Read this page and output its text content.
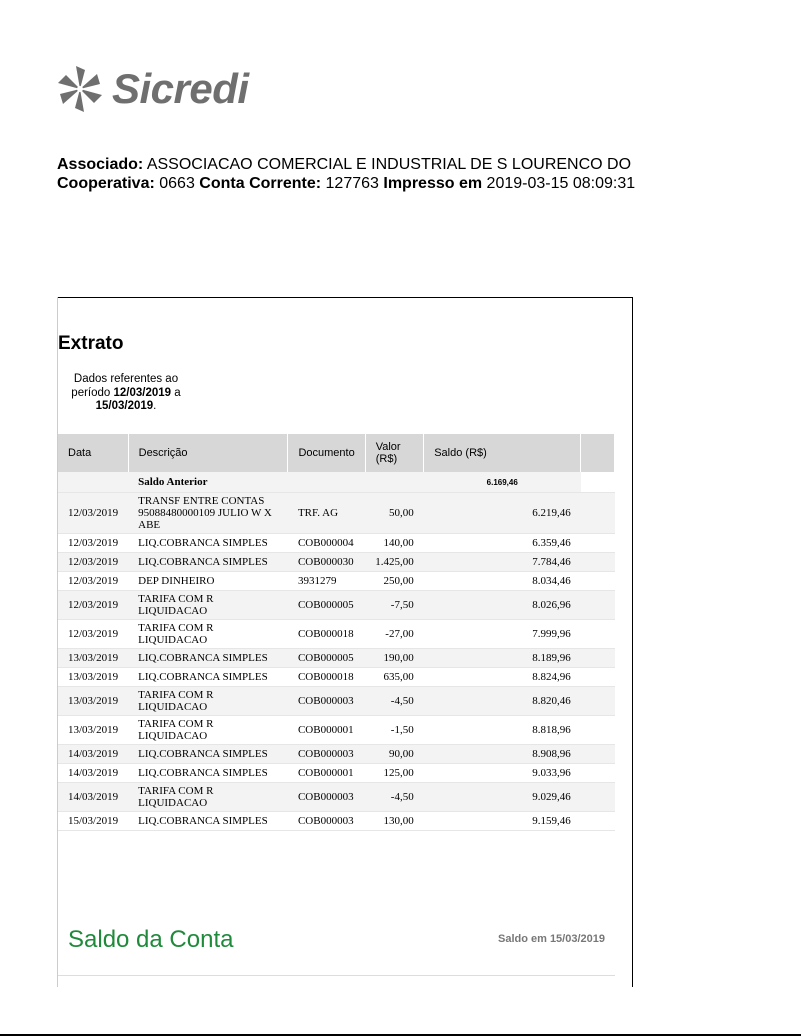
Sicredi
Associado: ASSOCIACAO COMERCIAL E INDUSTRIAL DE S LOURENCO DO
Cooperativa: 0663 Conta Corrente: 127763 Impresso em 2019-03-15 08:09:31
Extrato
Dados referentes ao período 12/03/2019 a 15/03/2019.
Data	Descrição	Documento	Valor (R$)	Saldo (R$)	
	Saldo Anterior			6.169,46	
12/03/2019	TRANSF ENTRE CONTAS 95088480000109 JULIO W X ABE	TRF. AG	50,00	6.219,46	
12/03/2019	LIQ.COBRANCA SIMPLES	COB000004	140,00	6.359,46	
12/03/2019	LIQ.COBRANCA SIMPLES	COB000030	1.425,00	7.784,46	
12/03/2019	DEP DINHEIRO	3931279	250,00	8.034,46	
12/03/2019	TARIFA COM R LIQUIDACAO	COB000005	-7,50	8.026,96	
12/03/2019	TARIFA COM R LIQUIDACAO	COB000018	-27,00	7.999,96	
13/03/2019	LIQ.COBRANCA SIMPLES	COB000005	190,00	8.189,96	
13/03/2019	LIQ.COBRANCA SIMPLES	COB000018	635,00	8.824,96	
13/03/2019	TARIFA COM R LIQUIDACAO	COB000003	-4,50	8.820,46	
13/03/2019	TARIFA COM R LIQUIDACAO	COB000001	-1,50	8.818,96	
14/03/2019	LIQ.COBRANCA SIMPLES	COB000003	90,00	8.908,96	
14/03/2019	LIQ.COBRANCA SIMPLES	COB000001	125,00	9.033,96	
14/03/2019	TARIFA COM R LIQUIDACAO	COB000003	-4,50	9.029,46	
15/03/2019	LIQ.COBRANCA SIMPLES	COB000003	130,00	9.159,46	
Saldo da Conta	Saldo em 15/03/2019
